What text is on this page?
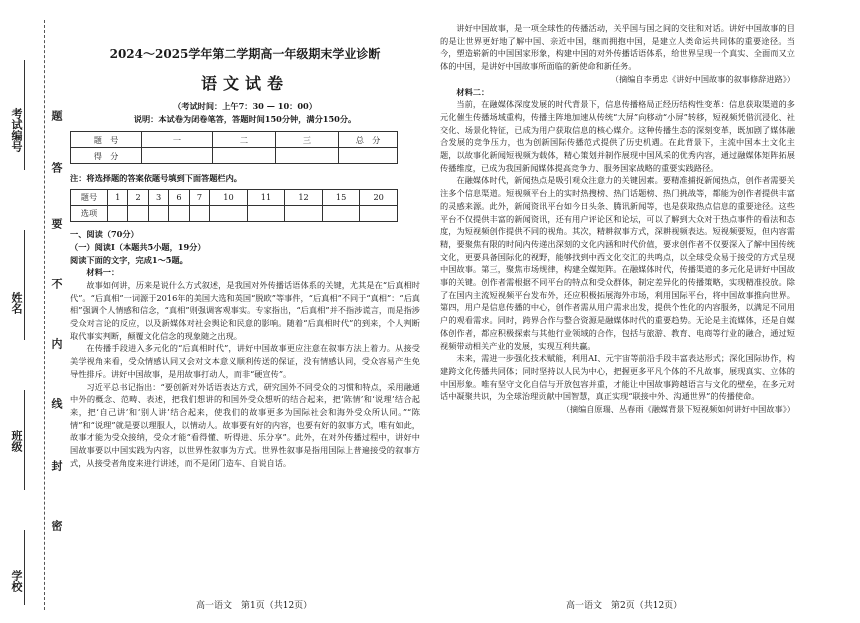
考试编号
姓名
班级
学校
密
封
线
内
不
要
答
题
2024～2025学年第二学期高一年级期末学业诊断
语文试卷
（考试时间：上午7：30 — 10：00）
说明：本试卷为闭卷笔答，答题时间150分钟，满分150分。
题　号	一	二	三	总　分
得　分				
注：将选择题的答案依题号填到下面答题栏内。
题号	1	2	3	6	7	10	11	12	15	20
选项										
一、阅读（70分）
（一）阅读Ⅰ（本题共5小题，19分）
阅读下面的文字，完成1～5题。
材料一：
故事如何讲，历来是说什么方式叙述，是我国对外传播话语体系的关键，尤其是在“后真相时代”。“后真相”一词源于2016年的美国大选和英国“脱欧”等事件，“后真相”不同于“真相”：“后真相”强调个人情感和信念，“真相”则强调客观事实。专家指出，“后真相”并不指涉谎言，而是指涉受众对言论的反应，以及新媒体对社会舆论和民意的影响。随着“后真相时代”的到来，个人判断取代事实判断，颠覆文化信念的现象随之出现。
在传播手段进入多元化的“后真相时代”，讲好中国故事更应注意在叙事方法上着力。从接受美学视角来看，受众情感认同又会对文本意义顺利传送的保证，没有情感认同，受众容易产生免导性排斥。讲好中国故事，是用故事打动人，而非“硬宣传”。
习近平总书记指出：“要创新对外话语表达方式，研究国外不同受众的习惯和特点，采用融通中外的概念、范畴、表述，把我们想讲的和国外受众想听的结合起来，把‘陈情’和‘说理’结合起来，把‘自己讲’和‘别人讲’结合起来，使我们的故事更多为国际社会和海外受众所认同。”“陈情”和“说理”就是要以理服人，以情动人。故事要有好的内容，也要有好的叙事方式，唯有如此，故事才能为受众接纳，受众才能“看得懂、听得进、乐分享”。此外，在对外传播过程中，讲好中国故事要以中国实践为内容，以世界性叙事为方式。世界性叙事是指用国际上普遍接受的叙事方式，从接受者角度来进行讲述，而不是闭门造车、自说自话。
高一语文　第1页（共12页）
讲好中国故事，是一项全球性的传播活动，关乎国与国之间的交往和对话。讲好中国故事的目的是让世界更好地了解中国、亲近中国，继而拥抱中国，是建立人类命运共同体的重要途径。当今，塑造崭新的中国国家形象，构建中国的对外传播话语体系，给世界呈现一个真实、全面而又立体的中国，是讲好中国故事所面临的新使命和新任务。
（摘编自李勇忠《讲好中国故事的叙事修辞进路》）
材料二：
当前，在融媒体深度发展的时代背景下，信息传播格局正经历结构性变革：信息获取渠道的多元化催生传播场域重构，传播主阵地加速从传统“大屏”向移动“小屏”转移，短视频凭借沉浸化、社交化、场景化特征，已成为用户获取信息的核心媒介。这种传播生态的深刻变革，既加剧了媒体融合发展的竞争压力，也为创新国际传播范式提供了历史机遇。在此背景下，主流中国本土文化主题，以故事化新闻短视频为载体，精心策划并制作展现中国风采的优秀内容，通过融媒体矩阵拓展传播维度，已成为我国新闻媒体提高竞争力、服务国家战略的重要实践路径。
在融媒体时代，新闻热点是吸引观众注意力的关键因素。要精准捕捉新闻热点，创作者需要关注多个信息渠道。短视频平台上的实时热搜榜、热门话题榜、热门挑战等，都能为创作者提供丰富的灵感来源。此外，新闻资讯平台如今日头条、腾讯新闻等，也是获取热点信息的重要途径。这些平台不仅提供丰富的新闻资讯，还有用户评论区和论坛，可以了解到大众对于热点事件的看法和态度，为短视频创作提供不同的视角。其次，精耕叙事方式，深耕视频表达。短视频要短，但内容需精，要聚焦有限的时间内传递出深刻的文化内涵和时代价值，要求创作者不仅要深入了解中国传统文化，更要具备国际化的视野，能够找到中西文化交汇的共鸣点，以全球受众易于接受的方式呈现中国故事。第三，聚焦市场规律，构建全媒矩阵。在融媒体时代，传播渠道的多元化是讲好中国故事的关键。创作者需根据不同平台的特点和受众群体，制定差异化的传播策略，实现精准投放。除了在国内主流短视频平台发布外，还应积极拓展海外市场，利用国际平台，将中国故事推向世界。第四，用户是信息传播的中心，创作者需从用户需求出发，提供个性化的内容服务，以满足不同用户的观看需求。同时，跨界合作与整合资源是融媒体时代的重要趋势。无论是主流媒体，还是自媒体创作者，都应积极探索与其他行业领域的合作，包括与旅游、教育、电商等行业的融合，通过短视频带动相关产业的发展，实现互利共赢。
未来，需进一步强化技术赋能，利用AI、元宇宙等前沿手段丰富表达形式；深化国际协作，构建跨文化传播共同体；同时坚持以人民为中心，把握更多平凡个体的不凡故事，展现真实、立体的中国形象。唯有坚守文化自信与开放包容并重，才能让中国故事跨越语言与文化的壁垒，在多元对话中凝聚共识，为全球治理贡献中国智慧，真正实现“联接中外、沟通世界”的传播使命。
（摘编自原瑞、丛春雨《融媒背景下短视频如何讲好中国故事》）
高一语文　第2页（共12页）
